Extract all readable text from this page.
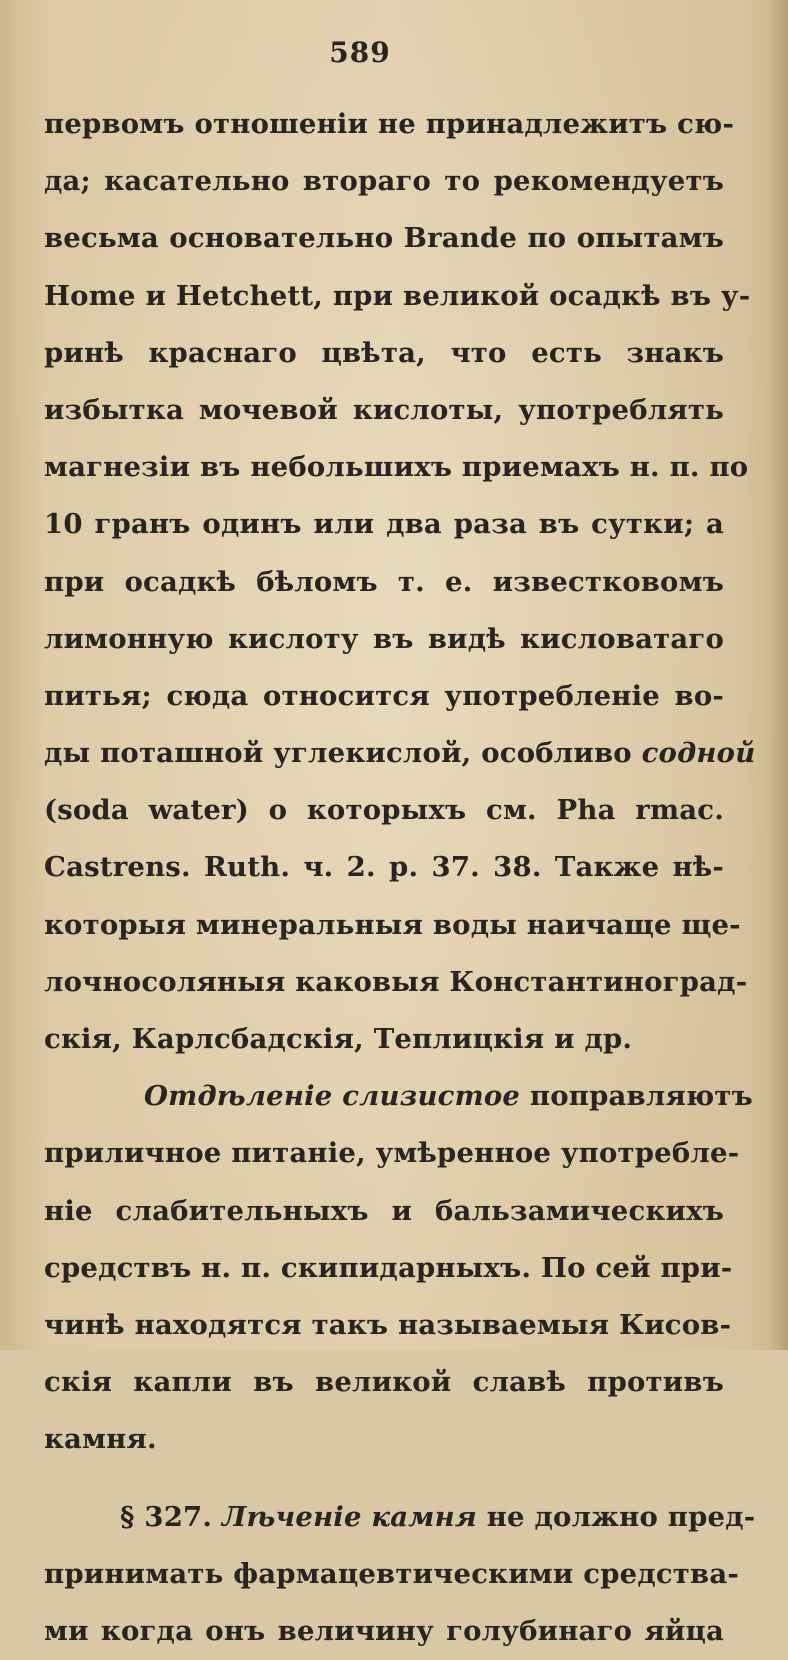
589
первомъ отношеніи не принадлежитъ сю-
да; касательно втораго то рекомендуетъ
весьма основательно Brande по опытамъ
Home и Hetchett, при великой осадкѣ въ у-
ринѣ краснаго цвѣта, что есть знакъ
избытка мочевой кислоты, употреблять
магнезіи въ небольшихъ приемахъ н. п. по
10 гранъ одинъ или два раза въ сутки; а
при осадкѣ бѣломъ т. е. известковомъ
лимонную кислоту въ видѣ кисловатаго
питья; сюда относится употребленіе во-
ды поташной углекислой, особливо содной
(soda water) о которыхъ см. Pha rmac.
Castrens. Ruth. ч. 2. р. 37. 38. Также нѣ-
которыя минеральныя воды наичаще ще-
лочносоляныя каковыя Константиноград-
скія, Карлсбадскія, Теплицкія и др.
Отдѣленіе слизистое поправляютъ
приличное питаніе, умѣренное употребле-
ніе слабительныхъ и бальзамическихъ
средствъ н. п. скипидарныхъ. По сей при-
чинѣ находятся такъ называемыя Кисов-
скія капли въ великой славѣ противъ
камня.
§ 327. Лѣченіе камня не должно пред-
принимать фармацевтическими средства-
ми когда онъ величину голубинаго яйца
